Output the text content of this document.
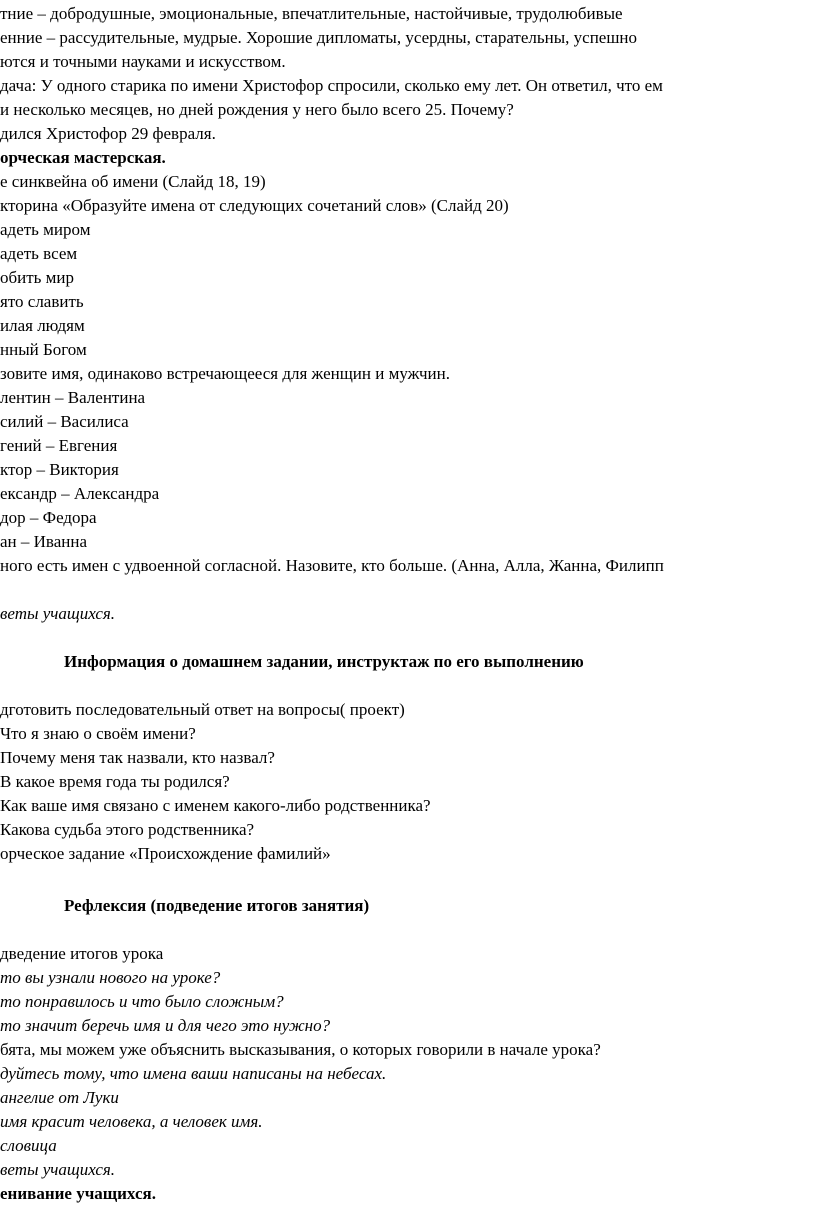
тние – добродушные, эмоциональные, впечатлительные, настойчивые, трудолюбивые
енние – рассудительные, мудрые. Хорошие дипломаты, усердны, старательны, успешно
ются и точными науками и искусством.
дача: У одного старика по имени Христофор спросили, сколько ему лет. Он ответил, что ем
и несколько месяцев, но дней рождения у него было всего 25. Почему?
дился Христофор 29 февраля.
орческая мастерская.
е синквейна об имени (Слайд 18, 19)
кторина «Образуйте имена от следующих сочетаний слов» (Слайд 20)
адеть миром
адеть всем
обить мир
ято славить
илая людям
нный Богом
зовите имя, одинаково встречающееся для женщин и мужчин.
лентин – Валентина
силий – Василиса
гений – Евгения
ктор – Виктория
ександр – Александра
дор – Федора
ан – Иванна
ного есть имен с удвоенной согласной. Назовите, кто больше. (Анна, Алла, Жанна, Филипп
веты учащихся.
Информация о домашнем задании, инструктаж по его выполнению
дготовить последовательный ответ на вопросы( проект)
Что я знаю о своём имени?
Почему меня так назвали, кто назвал?
В какое время года ты родился?
Как ваше имя связано с именем какого-либо родственника?
Какова судьба этого родственника?
орческое задание «Происхождение фамилий»
Рефлексия (подведение итогов занятия)
дведение итогов урока
то вы узнали нового на уроке?
то понравилось и что было сложным?
то значит беречь имя и для чего это нужно?
бята, мы можем уже объяснить высказывания, о которых говорили в начале урока?
дуйтесь тому, что имена ваши написаны на небесах.
ангелие от Луки
имя красит человека, а человек имя.
словица
веты учащихся.
енивание учащихся.
